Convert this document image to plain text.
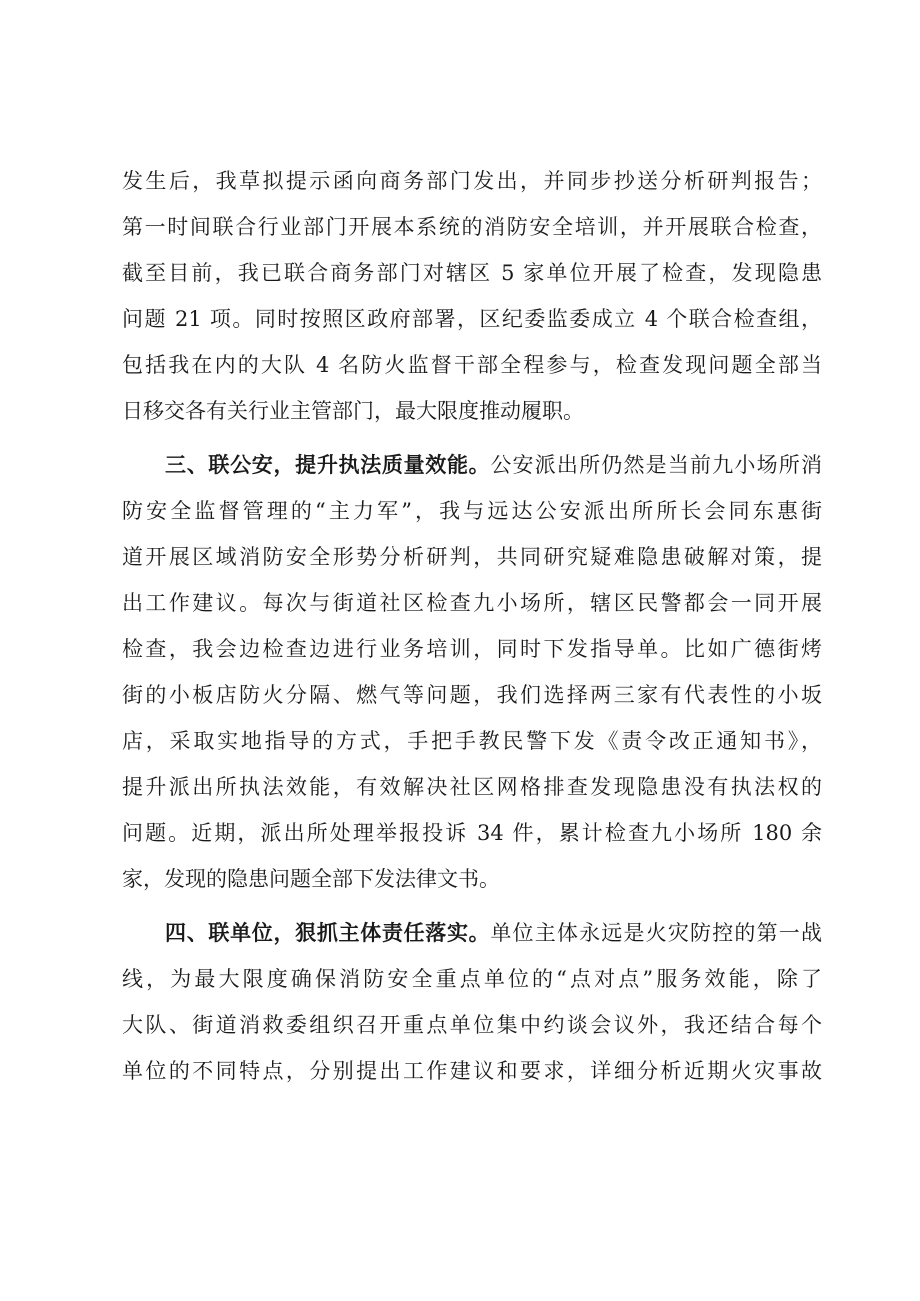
发生后，我草拟提示函向商务部门发出，并同步抄送分析研判报告；
第一时间联合行业部门开展本系统的消防安全培训，并开展联合检查，
截至目前，我已联合商务部门对辖区 5 家单位开展了检查，发现隐患
问题 21 项。同时按照区政府部署，区纪委监委成立 4 个联合检查组，
包括我在内的大队 4 名防火监督干部全程参与，检查发现问题全部当
日移交各有关行业主管部门，最大限度推动履职。
三、联公安，提升执法质量效能。公安派出所仍然是当前九小场所消
防安全监督管理的“主力军”，我与远达公安派出所所长会同东惠街
道开展区域消防安全形势分析研判，共同研究疑难隐患破解对策，提
出工作建议。每次与街道社区检查九小场所，辖区民警都会一同开展
检查，我会边检查边进行业务培训，同时下发指导单。比如广德街烤
街的小板店防火分隔、燃气等问题，我们选择两三家有代表性的小坂
店，采取实地指导的方式，手把手教民警下发《责令改正通知书》，
提升派出所执法效能，有效解决社区网格排查发现隐患没有执法权的
问题。近期，派出所处理举报投诉 34 件，累计检查九小场所 180 余
家，发现的隐患问题全部下发法律文书。
四、联单位，狠抓主体责任落实。单位主体永远是火灾防控的第一战
线，为最大限度确保消防安全重点单位的“点对点”服务效能，除了
大队、街道消救委组织召开重点单位集中约谈会议外，我还结合每个
单位的不同特点，分别提出工作建议和要求，详细分析近期火灾事故
